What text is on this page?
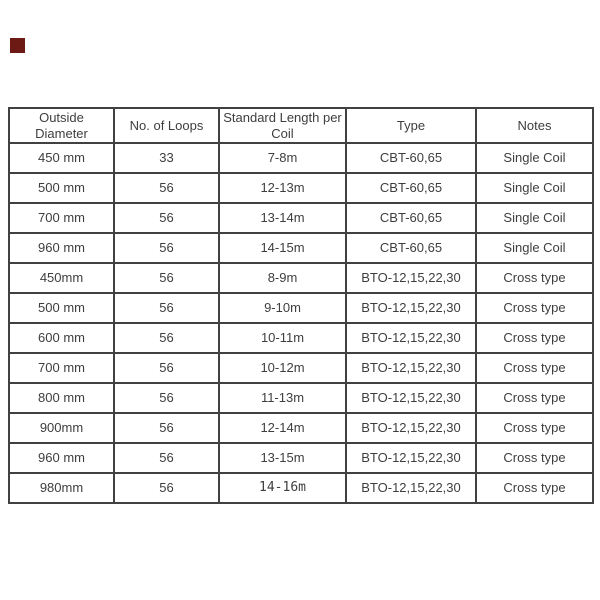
Outside Diameter	No. of Loops	Standard Length per Coil	Type	Notes
450 mm	33	7-8m	CBT-60,65	Single Coil
500 mm	56	12-13m	CBT-60,65	Single Coil
700 mm	56	13-14m	CBT-60,65	Single Coil
960 mm	56	14-15m	CBT-60,65	Single Coil
450mm	56	8-9m	BTO-12,15,22,30	Cross type
500 mm	56	9-10m	BTO-12,15,22,30	Cross type
600 mm	56	10-11m	BTO-12,15,22,30	Cross type
700 mm	56	10-12m	BTO-12,15,22,30	Cross type
800 mm	56	11-13m	BTO-12,15,22,30	Cross type
900mm	56	12-14m	BTO-12,15,22,30	Cross type
960 mm	56	13-15m	BTO-12,15,22,30	Cross type
980mm	56	14-16m	BTO-12,15,22,30	Cross type
